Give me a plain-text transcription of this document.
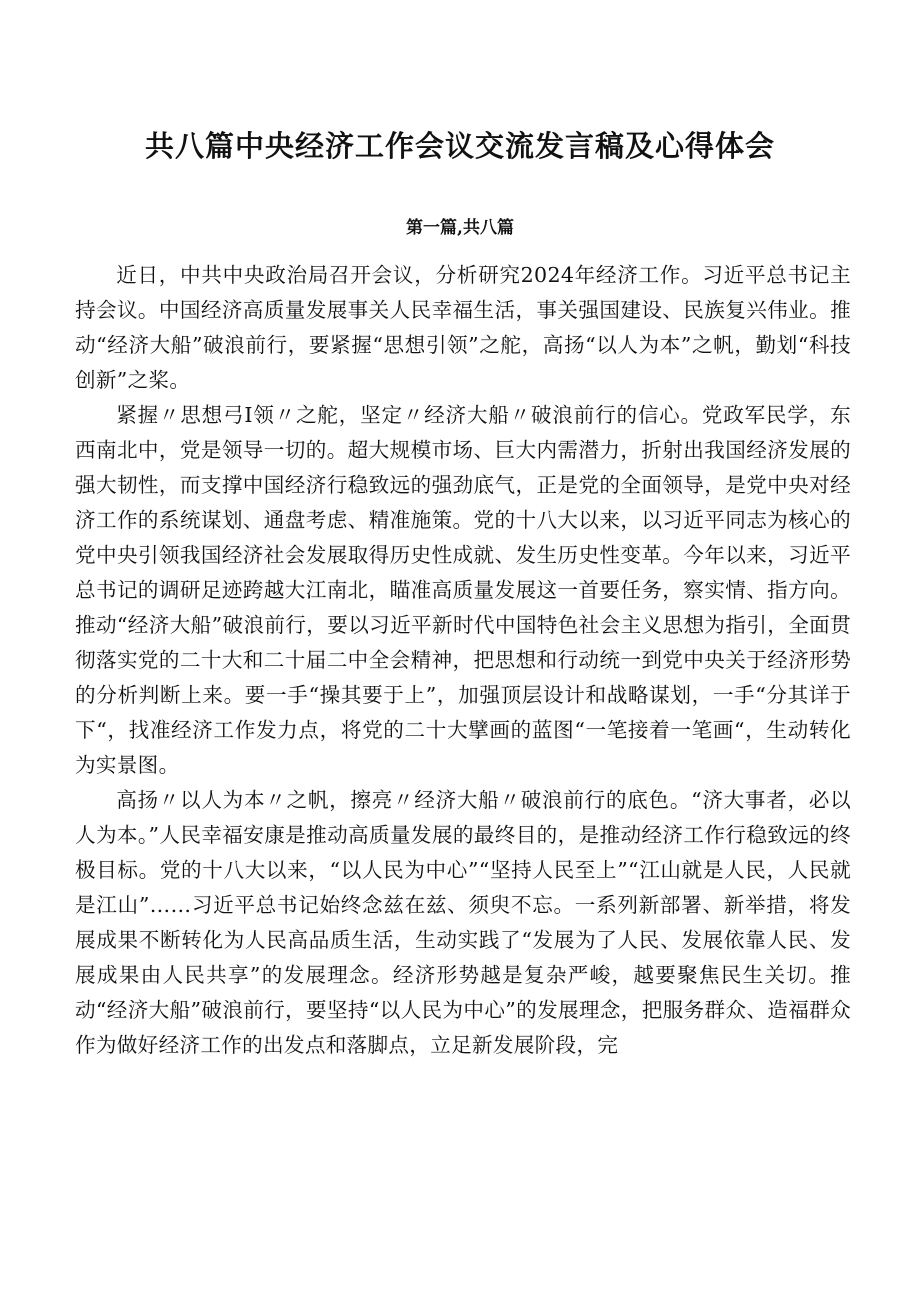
共八篇中央经济工作会议交流发言稿及心得体会
第一篇,共八篇

近日，中共中央政治局召开会议，分析研究2024年经济工作。习近平总书记主持会议。中国经济高质量发展事关人民幸福生活，事关强国建设、民族复兴伟业。推动“经济大船”破浪前行，要紧握“思想引领”之舵，高扬“以人为本”之帆，勤划“科技创新”之桨。

紧握〃思想弓I领〃之舵，坚定〃经济大船〃破浪前行的信心。党政军民学，东西南北中，党是领导一切的。超大规模市场、巨大内需潜力，折射出我国经济发展的强大韧性，而支撑中国经济行稳致远的强劲底气，正是党的全面领导，是党中央对经济工作的系统谋划、通盘考虑、精准施策。党的十八大以来，以习近平同志为核心的党中央引领我国经济社会发展取得历史性成就、发生历史性变革。今年以来，习近平总书记的调研足迹跨越大江南北，瞄准高质量发展这一首要任务，察实情、指方向。推动“经济大船”破浪前行，要以习近平新时代中国特色社会主义思想为指引，全面贯彻落实党的二十大和二十届二中全会精神，把思想和行动统一到党中央关于经济形势的分析判断上来。要一手“操其要于上”，加强顶层设计和战略谋划，一手“分其详于下“，找准经济工作发力点，将党的二十大擘画的蓝图“一笔接着一笔画“，生动转化为实景图。

高扬〃以人为本〃之帆，擦亮〃经济大船〃破浪前行的底色。“济大事者，必以人为本。”人民幸福安康是推动高质量发展的最终目的，是推动经济工作行稳致远的终极目标。党的十八大以来，“以人民为中心”“坚持人民至上”“江山就是人民，人民就是江山”……习近平总书记始终念兹在兹、须臾不忘。一系列新部署、新举措，将发展成果不断转化为人民高品质生活，生动实践了“发展为了人民、发展依靠人民、发展成果由人民共享”的发展理念。经济形势越是复杂严峻，越要聚焦民生关切。推动“经济大船”破浪前行，要坚持“以人民为中心”的发展理念，把服务群众、造福群众作为做好经济工作的出发点和落脚点，立足新发展阶段，完
